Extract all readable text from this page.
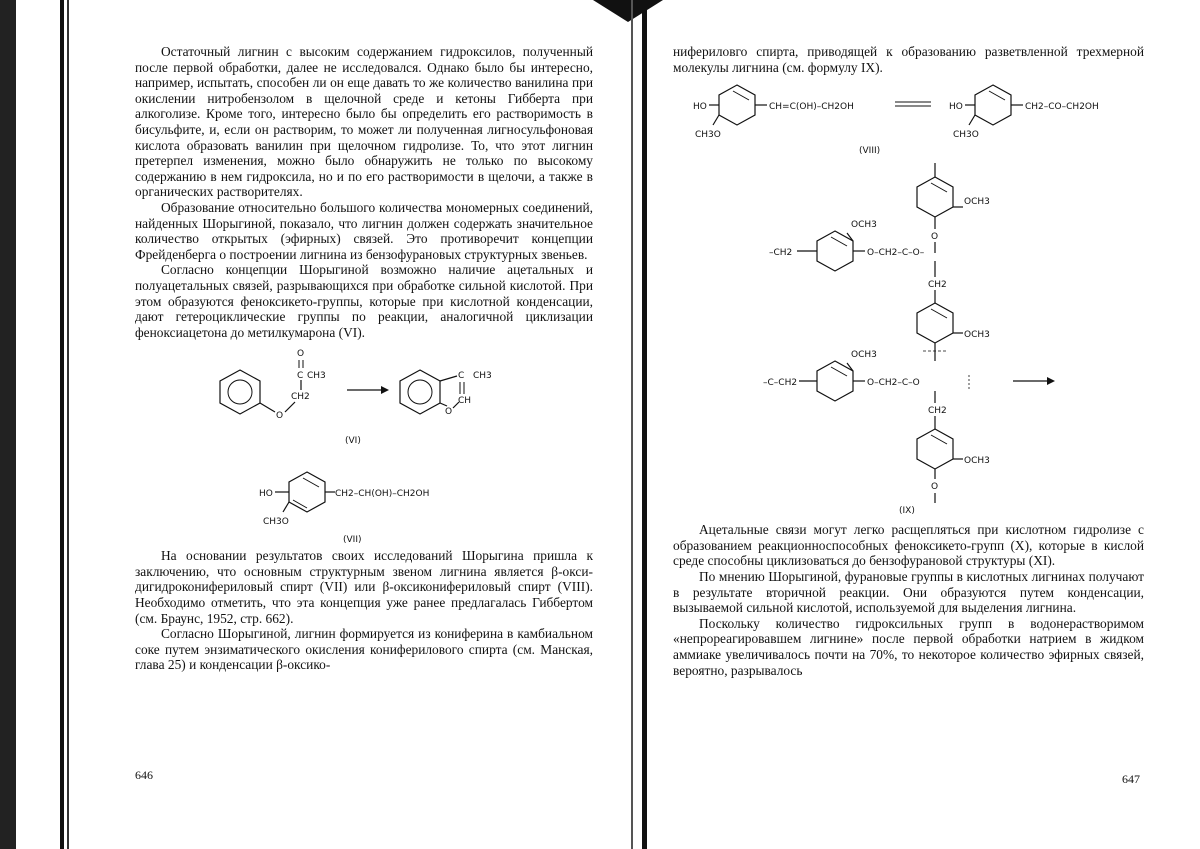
Остаточный лигнин с высоким содержанием гидроксилов, полученный после первой обработки, далее не исследовался. Однако было бы интересно, например, испытать, способен ли он еще давать то же количество ванилина при окислении нитробензолом в щелочной среде и кетоны Гибберта при алкоголизе. Кроме того, интересно было бы определить его растворимость в бисульфите, и, если он растворим, то может ли полученная лигносульфоновая кислота образовать ванилин при щелочном гидролизе. То, что этот лигнин претерпел изменения, можно было обнаружить не только по высокому содержанию в нем гидроксила, но и по его растворимости в щелочи, а также в органических растворителях.

Образование относительно большого количества мономерных соединений, найденных Шорыгиной, показало, что лигнин должен содержать значительное количество открытых (эфирных) связей. Это противоречит концепции Фрейденберга о построении лигнина из бензофурановых структурных звеньев.

Согласно концепции Шорыгиной возможно наличие ацетальных и полуацетальных связей, разрывающихся при обработке сильной кислотой. При этом образуются феноксикето-группы, которые при кислотной конденсации, дают гетероциклические группы по реакции, аналогичной циклизации феноксиацетона до метилкумарона (VI).

O
CH2
C
O
CH3	C CH3
CH
O
(VI)
HO	CH2–CH(OH)–CH2OH
CH3O
(VII)

На основании результатов своих исследований Шорыгина пришла к заключению, что основным структурным звеном лигнина является β-окси-дигидроконифериловый спирт (VII) или β-оксиконифериловый спирт (VIII). Необходимо отметить, что эта концепция уже ранее предлагалась Гиббертом (см. Браунс, 1952, стр. 662).

Согласно Шорыгиной, лигнин формируется из кониферина в камбиальном соке путем энзиматического окисления кониферилового спирта (см. Манская, глава 25) и конденсации β-оксико-

646

нифериловго спирта, приводящей к образованию разветвленной трехмерной молекулы лигнина (см. формулу IX).

HO	CH=C(OH)–CH2OH
CH3O
HO	CH2–CO–CH2OH
CH3O
(VIII)
OCH3
O
OCH3
–CH2	O–CH2–C–O–
CH2
OCH3
OCH3
–C–CH2	O–CH2–C–O
CH2
OCH3
O
(IX)

Ацетальные связи могут легко расщепляться при кислотном гидролизе с образованием реакционноспособных феноксикето-групп (X), которые в кислой среде способны циклизоваться до бензофурановой структуры (XI).

По мнению Шорыгиной, фурановые группы в кислотных лигнинах получают в результате вторичной реакции. Они образуются путем конденсации, вызываемой сильной кислотой, используемой для выделения лигнина.

Поскольку количество гидроксильных групп в водонерастворимом «непрореагировавшем лигнине» после первой обработки натрием в жидком аммиаке увеличивалось почти на 70%, то некоторое количество эфирных связей, вероятно, разрывалось

647
